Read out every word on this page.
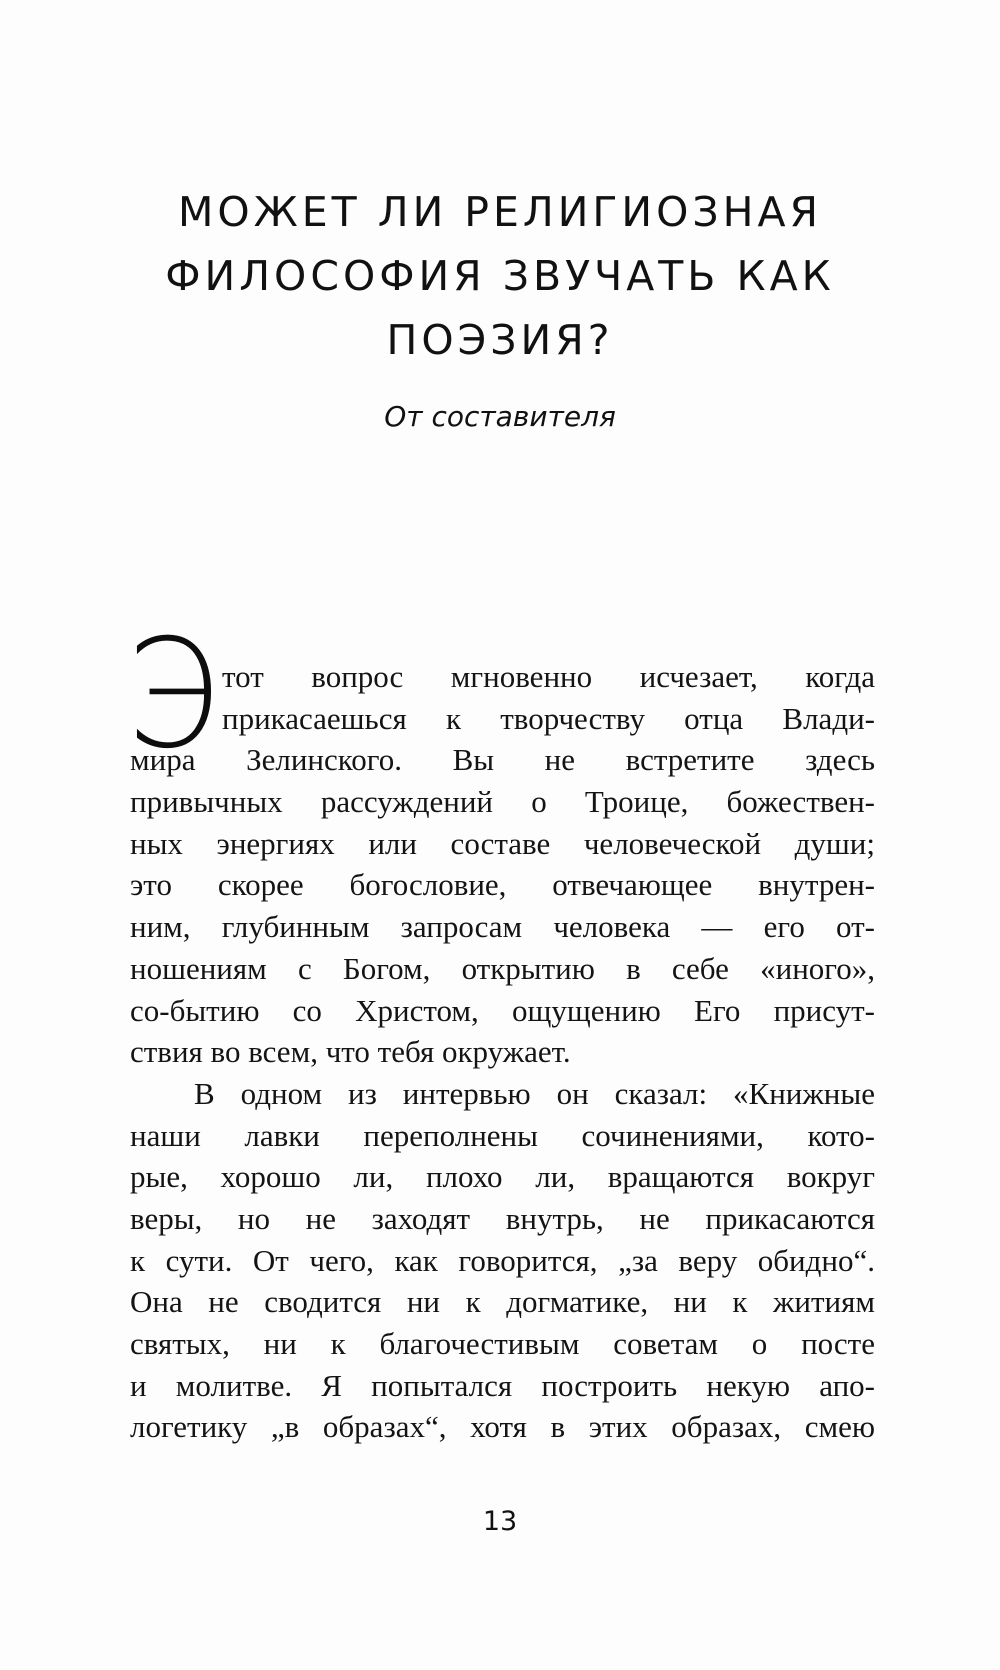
МОЖЕТ ЛИ РЕЛИГИОЗНАЯ
ФИЛОСОФИЯ ЗВУЧАТЬ КАК
ПОЭЗИЯ?
От составителя
Э тот вопрос мгновенно исчезает, когда
прикасаешься к творчеству отца Влади-
мира Зелинского. Вы не встретите здесь
привычных рассуждений о Троице, божествен-
ных энергиях или составе человеческой души;
это скорее богословие, отвечающее внутрен-
ним, глубинным запросам человека — его от-
ношениям с Богом, открытию в себе «иного»,
со-бытию со Христом, ощущению Его присут-
ствия во всем, что тебя окружает.
В одном из интервью он сказал: «Книжные
наши лавки переполнены сочинениями, кото-
рые, хорошо ли, плохо ли, вращаются вокруг
веры, но не заходят внутрь, не прикасаются
к сути. От чего, как говорится, „за веру обидно“.
Она не сводится ни к догматике, ни к житиям
святых, ни к благочестивым советам о посте
и молитве. Я попытался построить некую апо-
логетику „в образах“, хотя в этих образах, смею
13
